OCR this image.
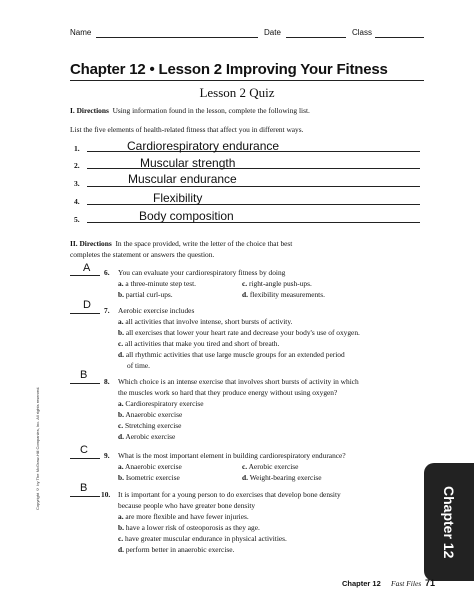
Name	Date	Class
Chapter 12 • Lesson 2 Improving Your Fitness
Lesson 2 Quiz
I. Directions Using information found in the lesson, complete the following list.
List the five elements of health-related fitness that affect you in different ways.
1.	Cardiorespiratory endurance
2.	Muscular strength
3.	Muscular endurance
4.	Flexibility
5.	Body composition
II. Directions In the space provided, write the letter of the choice that best
completes the statement or answers the question.
A 6. You can evaluate your cardiorespiratory fitness by doing
a. a three-minute step test.	c. right-angle push-ups.
b. partial curl-ups.	d. flexibility measurements.
D 7. Aerobic exercise includes
a. all activities that involve intense, short bursts of activity.
b. all exercises that lower your heart rate and decrease your body's use of oxygen.
c. all activities that make you tired and short of breath.
d. all rhythmic activities that use large muscle groups for an extended period
of time.
B
8. Which choice is an intense exercise that involves short bursts of activity in which
the muscles work so hard that they produce energy without using oxygen?
a. Cardiorespiratory exercise
b. Anaerobic exercise
c. Stretching exercise
d. Aerobic exercise
C 9. What is the most important element in building cardiorespiratory endurance?
a. Anaerobic exercise	c. Aerobic exercise
b. Isometric exercise	d. Weight-bearing exercise
B
10. It is important for a young person to do exercises that develop bone density
because people who have greater bone density
a. are more flexible and have fewer injuries.
b. have a lower risk of osteoporosis as they age.
c. have greater muscular endurance in physical activities.
d. perform better in anaerobic exercise.
Copyright © by The McGraw-Hill Companies, Inc. All rights reserved.
Chapter 12
Chapter 12 Fast Files 71
